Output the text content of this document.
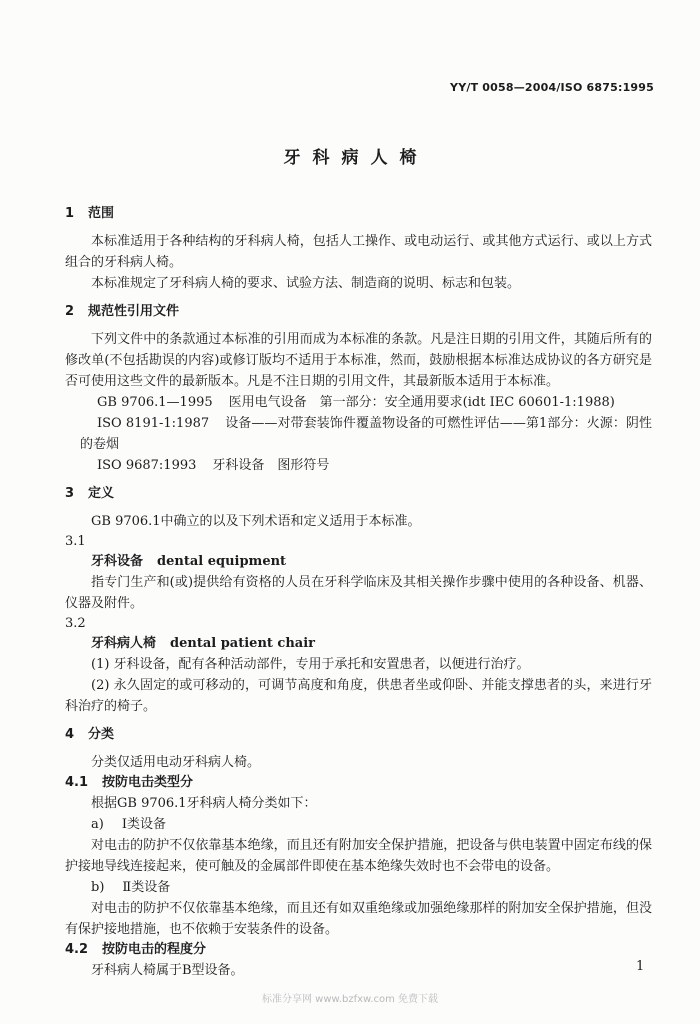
YY/T 0058—2004/ISO 6875:1995
牙科病人椅
1 范围

本标准适用于各种结构的牙科病人椅，包括人工操作、或电动运行、或其他方式运行、或以上方式组合的牙科病人椅。

本标准规定了牙科病人椅的要求、试验方法、制造商的说明、标志和包装。

2 规范性引用文件

下列文件中的条款通过本标准的引用而成为本标准的条款。凡是注日期的引用文件，其随后所有的修改单(不包括勘误的内容)或修订版均不适用于本标准，然而，鼓励根据本标准达成协议的各方研究是否可使用这些文件的最新版本。凡是不注日期的引用文件，其最新版本适用于本标准。

GB 9706.1—1995 医用电气设备　第一部分：安全通用要求(idt IEC 60601-1:1988)

ISO 8191-1:1987 设备——对带套装饰件覆盖物设备的可燃性评估——第1部分：火源：阴性的卷烟

ISO 9687:1993 牙科设备　图形符号

3 定义

GB 9706.1中确立的以及下列术语和定义适用于本标准。

3.1

牙科设备 dental equipment

指专门生产和(或)提供给有资格的人员在牙科学临床及其相关操作步骤中使用的各种设备、机器、仪器及附件。

3.2

牙科病人椅 dental patient chair

(1) 牙科设备，配有各种活动部件，专用于承托和安置患者，以便进行治疗。

(2) 永久固定的或可移动的，可调节高度和角度，供患者坐或仰卧、并能支撑患者的头，来进行牙科治疗的椅子。

4 分类

分类仅适用电动牙科病人椅。

4.1 按防电击类型分

根据GB 9706.1牙科病人椅分类如下：

a) Ⅰ类设备

对电击的防护不仅依靠基本绝缘，而且还有附加安全保护措施，把设备与供电装置中固定布线的保护接地导线连接起来，使可触及的金属部件即使在基本绝缘失效时也不会带电的设备。

b) Ⅱ类设备

对电击的防护不仅依靠基本绝缘，而且还有如双重绝缘或加强绝缘那样的附加安全保护措施，但没有保护接地措施，也不依赖于安装条件的设备。

4.2 按防电击的程度分

牙科病人椅属于B型设备。	1
标准分享网 www.bzfxw.com 免费下载
